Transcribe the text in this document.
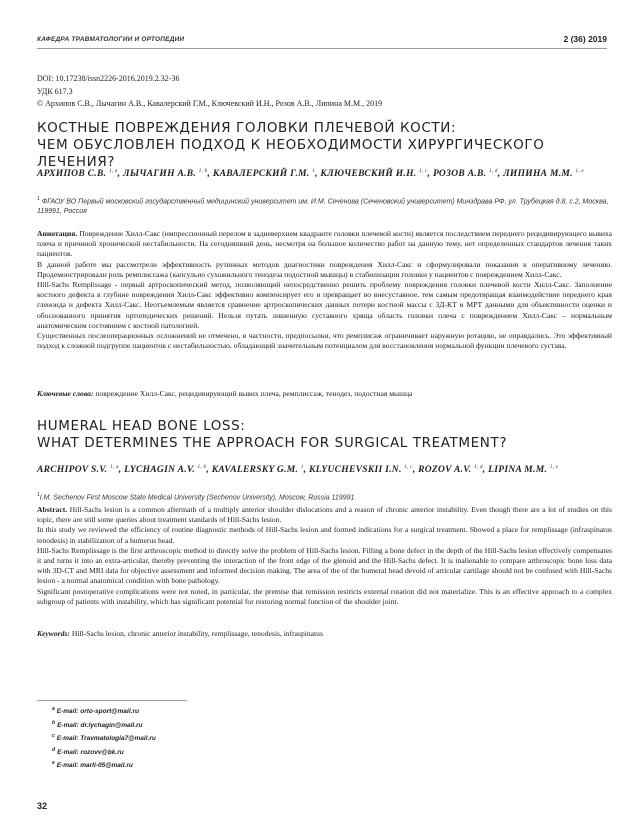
КАФЕДРА ТРАВМАТОЛОГИИ И ОРТОПЕДИИ	2 (36) 2019
DOI: 10.17238/issn2226-2016.2019.2.32-36
УДК 617.3
© Архипов С.В., Лычагин А.В., Кавалерский Г.М., Ключевский И.Н., Розов А.В., Липина М.М., 2019
КОСТНЫЕ ПОВРЕЖДЕНИЯ ГОЛОВКИ ПЛЕЧЕВОЙ КОСТИ:
ЧЕМ ОБУСЛОВЛЕН ПОДХОД К НЕОБХОДИМОСТИ ХИРУРГИЧЕСКОГО ЛЕЧЕНИЯ?
АРХИПОВ С.В. $^{1, a}$, ЛЫЧАГИН А.В. $^{1, b}$, КАВАЛЕРСКИЙ Г.М. $^1$, КЛЮЧЕВСКИЙ И.Н. $^{1, c}$, РОЗОВ А.В. $^{1, d}$, ЛИПИНА М.М. $^{1, e}$
$^1$ ФГАОУ ВО Первый московский государственный медицинский университет им. И.М. Сеченова (Сеченовский университет) Минздрава РФ, ул. Трубецкая д.8, с.2, Москва, 119991, Россия

Аннотация. Повреждение Хилл-Сакс (импрессионный перелом в задневерхнем квадранте головки плечевой кости) является последствием переднего рецидивирующего вывиха плеча и причиной хронической нестабильности. На сегодняшний день, несмотря на большое количество работ на данную тему, нет определенных стандартов лечения таких пациентов.

В данной работе мы рассмотрели эффективность рутинных методов диагностики повреждения Хилл-Сакс и сформулировали показания к оперативному лечению. Продемонстрировали роль ремплиссажа (капсульно сухожильного тенодеза подостной мышцы) в стабилизации головки у пациентов с повреждением Хилл-Сакс.

Hill-Sachs Remplissage - первый артроскопический метод, позволяющий непосредственно решить проблему повреждения головки плечевой кости Хилл-Сакс. Заполнение костного дефекта в глубине повреждения Хилл-Сакс эффективно компенсирует его и превращает во внесуставное, тем самым предотвращая взаимодействие переднего края гленоида и дефекта Хилл-Сакс. Неотъемлемым является сравнение артроскопических данных потери костной массы с 3Д-КТ и МРТ данными для объективности оценки и обоснованного принятия ортопедических решений. Нельзя путать лишенную суставного хряща область головки плеча с повреждением Хилл-Сакс – нормальным анатомическим состоянием с костной патологией.

Существенных послеоперационных осложнений не отмечено, в частности, предпосылки, что ремплисаж ограничивает наружную ротацию, не оправдались. Это эффективный подход к сложной подгруппе пациентов с нестабильностью, обладающий значительным потенциалом для восстановления нормальной функции плечевого сустава.

Ключевые слова: повреждение Хилл-Сакс, рецидивирующий вывих плеча, ремплиссаж, тенодез, подостная мышца
HUMERAL HEAD BONE LOSS:
WHAT DETERMINES THE APPROACH FOR SURGICAL TREATMENT?
ARCHIPOV S.V. $^{1, a}$, LYCHAGIN A.V. $^{1, b}$, KAVALERSKY G.M. $^1$, KLYUCHEVSKII I.N. $^{1, c}$, ROZOV A.V. $^{1, d}$, LIPINA M.M. $^{1, e}$
$^1$I.M. Sechenov First Moscow State Medical University (Sechenov University), Moscow, Russia 119991

Abstract. Hill-Sachs lesion is a common aftermath of a multiply anterior shoulder dislocations and a reason of chronic anterior instability. Even though there are a lot of studies on this topic, there are still some queries about treatment standards of Hill-Sachs lesion.

In this study we reviewed the efficiency of routine diagnostic methods of Hill-Sachs lesion and formed indications for a surgical treatment. Showed a place for remplissage (infraspinatus tenodesis) in stabilization of a humerus head.

Hill-Sachs Remplissage is the first arthroscopic method to directly solve the problem of Hill-Sachs lesion. Filling a bone defect in the depth of the Hill-Sachs lesion effectively compensates it and turns it into an extra-articular, thereby preventing the interaction of the front edge of the glenoid and the Hill-Sachs defect. It is inalienable to compare arthroscopic bone loss data with 3D-CT and MRI data for objective assessment and informed decision making. The area of the of the humeral head devoid of articular cartilage should not be confused with Hill-Sachs lesion - a normal anatomical condition with bone pathology.

Significant postoperative complications were not noted, in particular, the premise that remission restricts external rotation did not materialize. This is an effective approach to a complex subgroup of patients with instability, which has significant potential for restoring normal function of the shoulder joint.

Keywords: Hill-Sachs lesion, chronic anterior instability, remplissage, tenodesis, infraspinatus
$^a$ E-mail: orto-sport@mail.ru
$^b$ E-mail: dr.lychagin@mail.ru
$^c$ E-mail: Travmatologia7@mail.ru
$^d$ E-mail: rozovv@bk.ru
$^e$ E-mail: marli-05@mail.ru
32
